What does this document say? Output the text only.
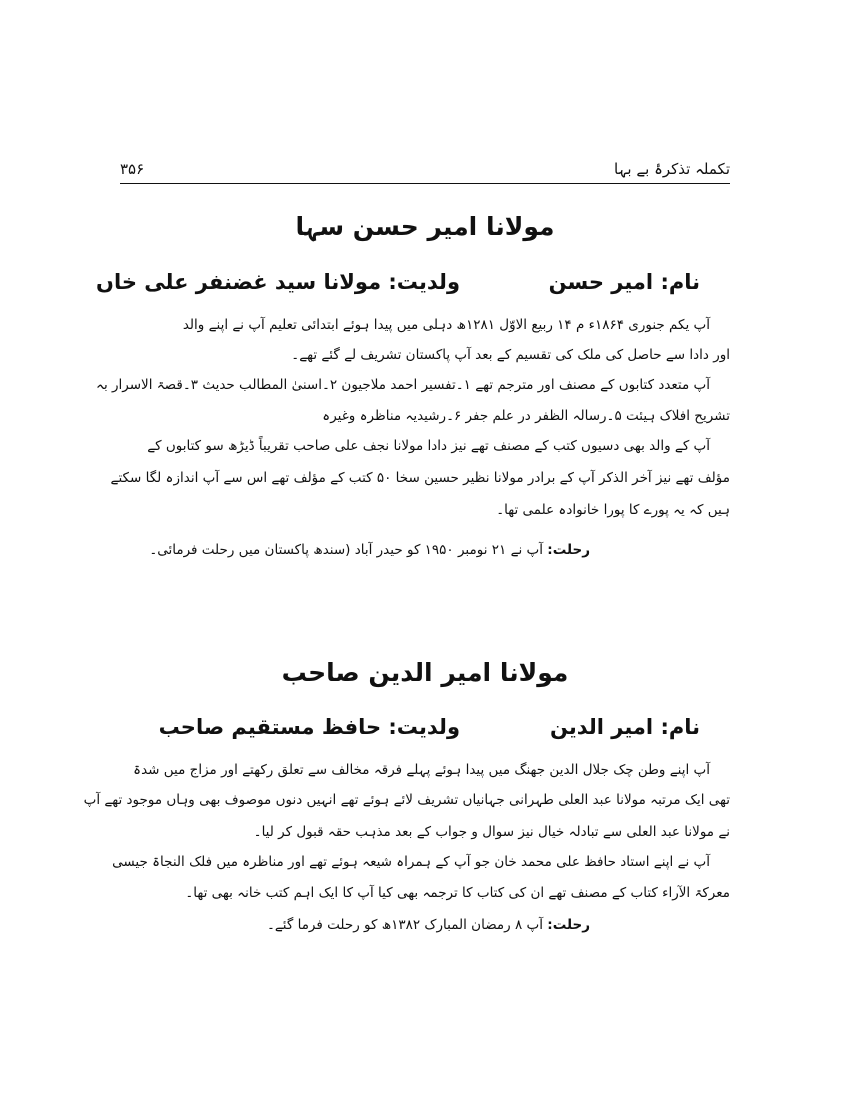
تکملہ تذکرۂ بے بہا
۳۵۶
مولانا امیر حسن سہا
نام: امیر حسن
ولدیت: مولانا سید غضنفر علی خاں
آپ یکم جنوری ۱۸۶۴ء م ۱۴ ربیع الاوّل ۱۲۸۱ھ دہلی میں پیدا ہوئے ابتدائی تعلیم آپ نے اپنے والد
اور دادا سے حاصل کی ملک کی تقسیم کے بعد آپ پاکستان تشریف لے گئے تھے۔
آپ متعدد کتابوں کے مصنف اور مترجم تھے ۱۔تفسیر احمد ملاجیون ۲۔اسنیٰ المطالب حدیث ۳۔قصۃ الاسرار بہ
تشریح افلاک ہیئت ۵۔رسالہ الظفر در علم جفر ۶۔رشیدیہ مناظرہ وغیرہ
آپ کے والد بھی دسیوں کتب کے مصنف تھے نیز دادا مولانا نجف علی صاحب تقریباً ڈیڑھ سو کتابوں کے
مؤلف تھے نیز آخر الذکر آپ کے برادر مولانا نظیر حسین سخا ۵۰ کتب کے مؤلف تھے اس سے آپ اندازہ لگا سکتے
ہیں کہ یہ پورے کا پورا خانوادہ علمی تھا۔
رحلت: آپ نے ۲۱ نومبر ۱۹۵۰ کو حیدر آباد (سندھ پاکستان میں رحلت فرمائی۔
مولانا امیر الدین صاحب
نام: امیر الدین
ولدیت: حافظ مستقیم صاحب
آپ اپنے وطن چک جلال الدین جھنگ میں پیدا ہوئے پہلے فرقہ مخالف سے تعلق رکھتے اور مزاج میں شدۃ
تھی ایک مرتبہ مولانا عبد العلی طہرانی جہانیاں تشریف لائے ہوئے تھے انہیں دنوں موصوف بھی وہاں موجود تھے آپ
نے مولانا عبد العلی سے تبادلہ خیال نیز سوال و جواب کے بعد مذہب حقہ قبول کر لیا۔
آپ نے اپنے استاد حافظ علی محمد خان جو آپ کے ہمراہ شیعہ ہوئے تھے اور مناظرہ میں فلک النجاۃ جیسی
معرکۃ الآراء کتاب کے مصنف تھے ان کی کتاب کا ترجمہ بھی کیا آپ کا ایک اہم کتب خانہ بھی تھا۔
رحلت: آپ ۸ رمضان المبارک ۱۳۸۲ھ کو رحلت فرما گئے۔
